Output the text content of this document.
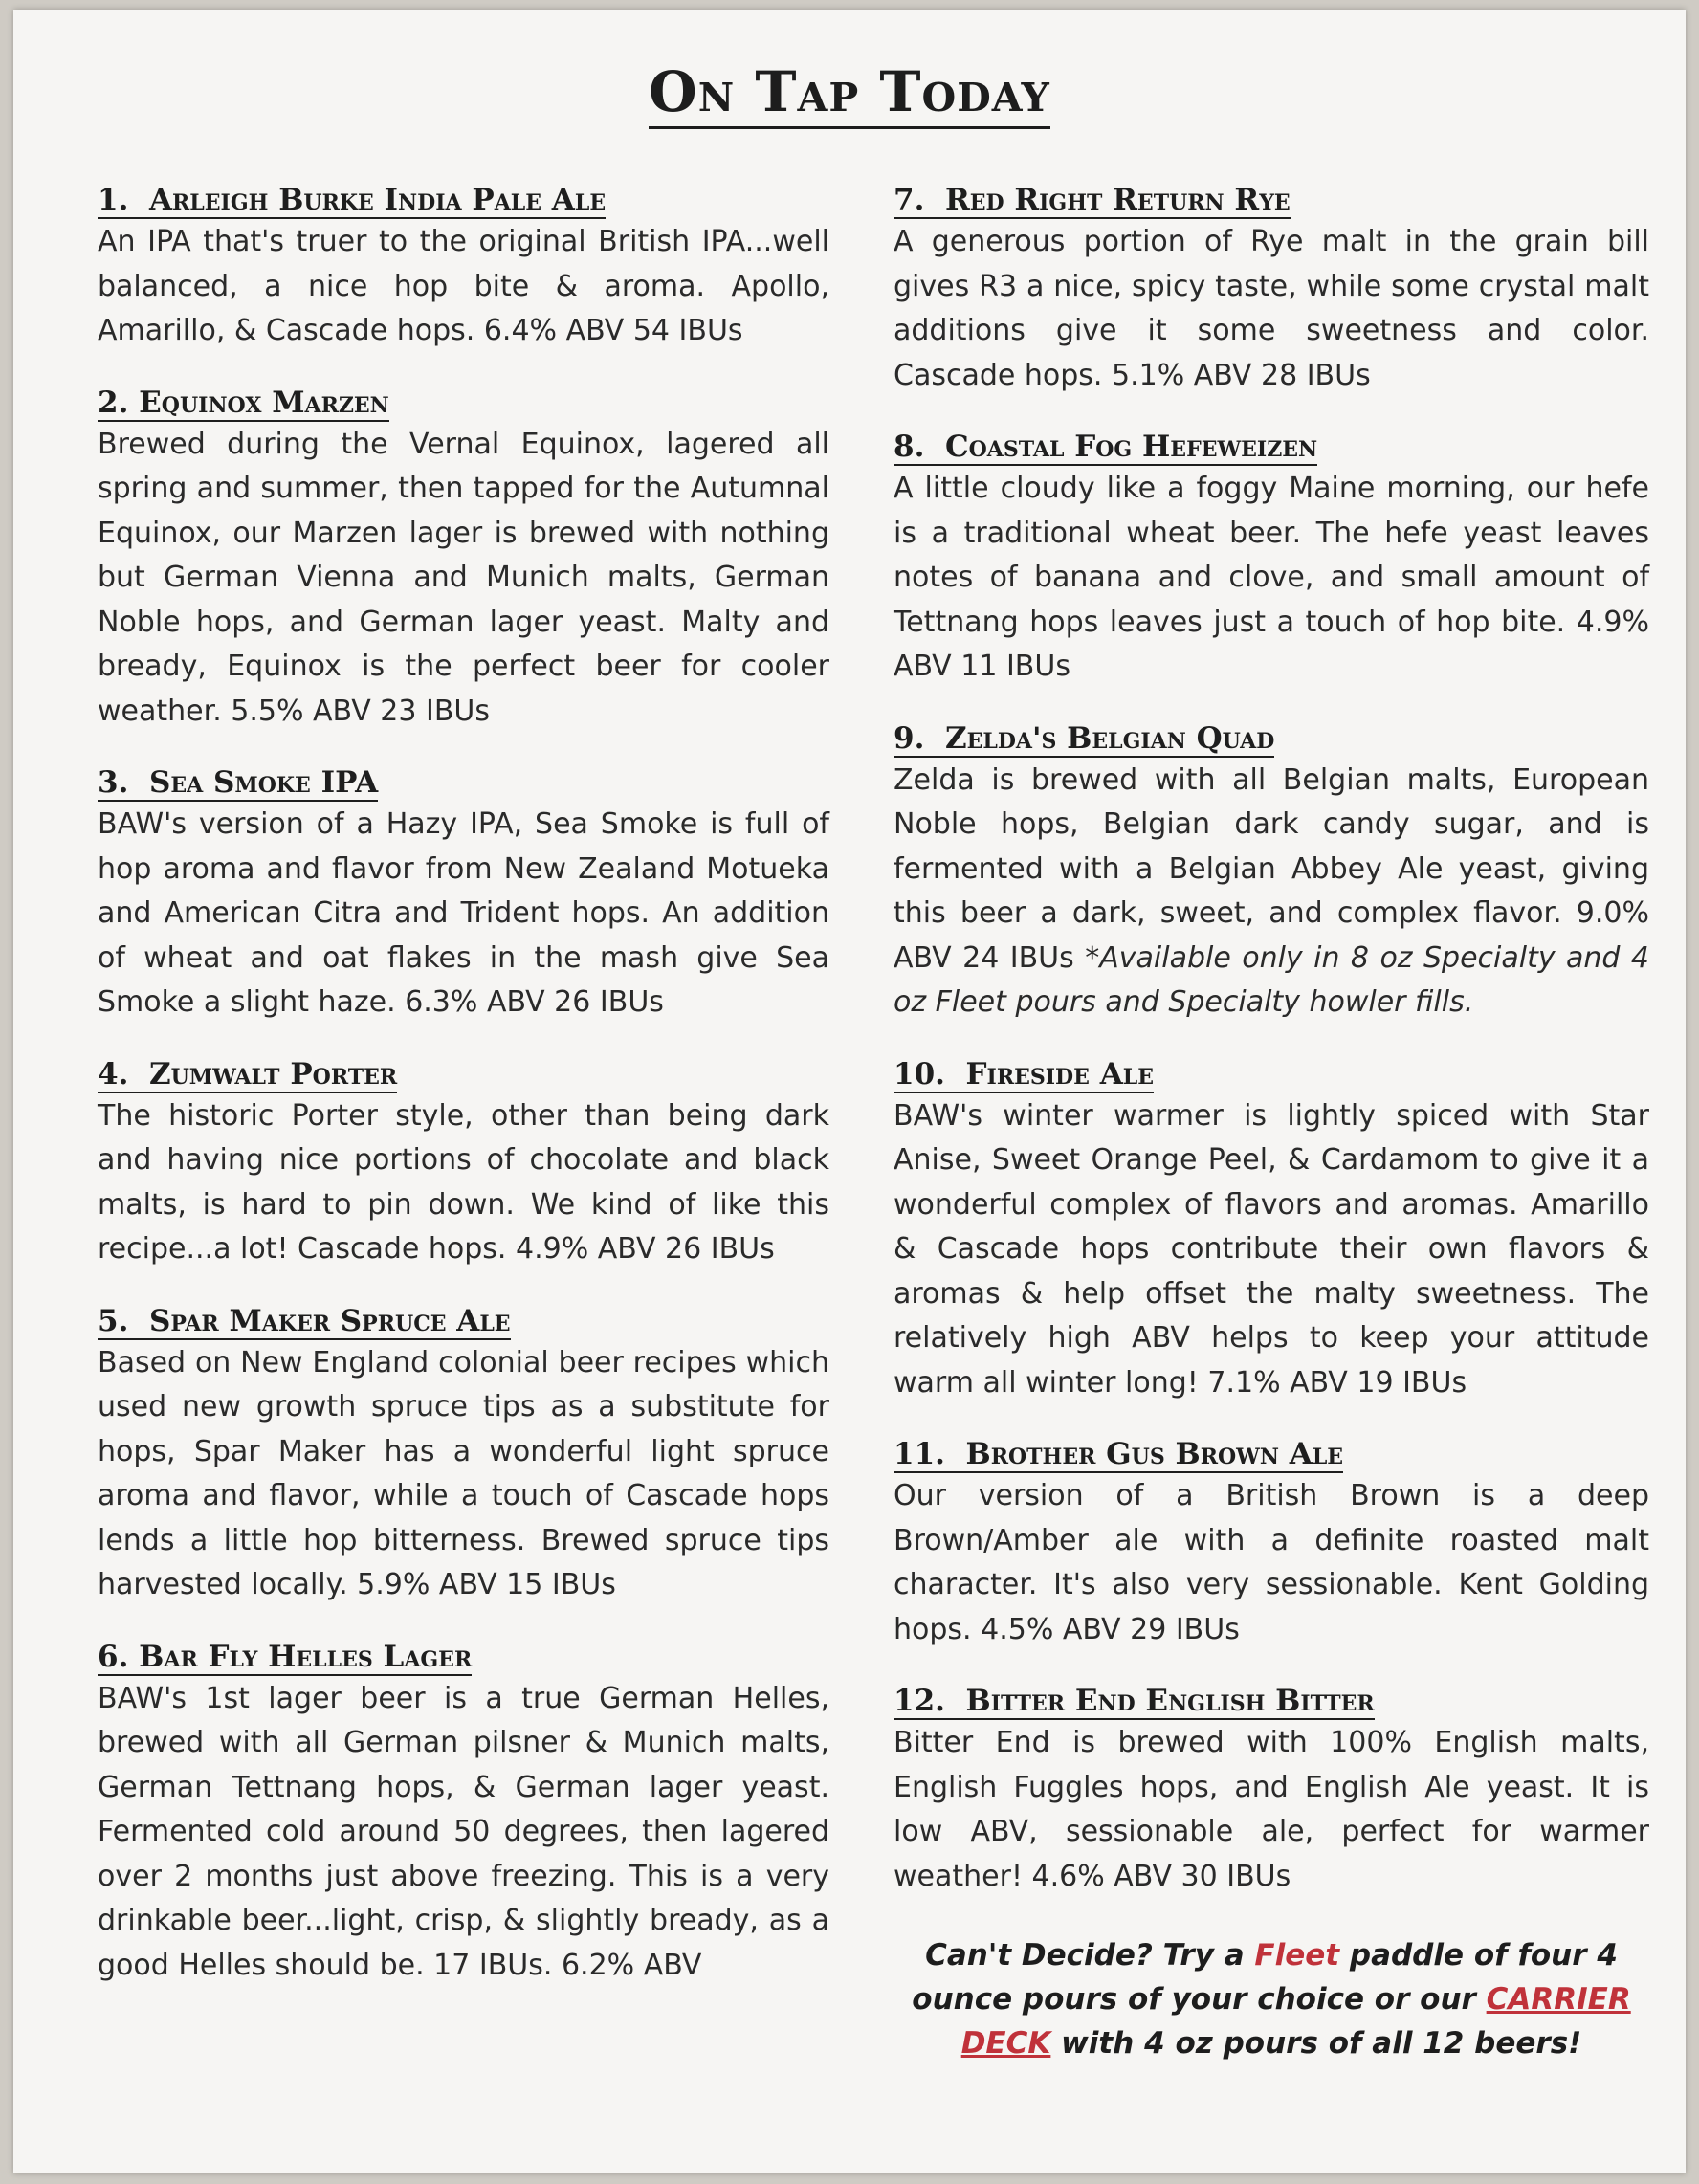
On Tap Today
1. Arleigh Burke India Pale Ale
An IPA that's truer to the original British IPA...well balanced, a nice hop bite & aroma. Apollo, Amarillo, & Cascade hops. 6.4% ABV 54 IBUs
2. Equinox Marzen
Brewed during the Vernal Equinox, lagered all spring and summer, then tapped for the Autumnal Equinox, our Marzen lager is brewed with nothing but German Vienna and Munich malts, German Noble hops, and German lager yeast. Malty and bready, Equinox is the perfect beer for cooler weather. 5.5% ABV 23 IBUs
3. Sea Smoke IPA
BAW's version of a Hazy IPA, Sea Smoke is full of hop aroma and flavor from New Zealand Motueka and American Citra and Trident hops. An addition of wheat and oat flakes in the mash give Sea Smoke a slight haze. 6.3% ABV 26 IBUs
4. Zumwalt Porter
The historic Porter style, other than being dark and having nice portions of chocolate and black malts, is hard to pin down. We kind of like this recipe...a lot! Cascade hops. 4.9% ABV 26 IBUs
5. Spar Maker Spruce Ale
Based on New England colonial beer recipes which used new growth spruce tips as a substitute for hops, Spar Maker has a wonderful light spruce aroma and flavor, while a touch of Cascade hops lends a little hop bitterness. Brewed spruce tips harvested locally. 5.9% ABV 15 IBUs
6. Bar Fly Helles Lager
BAW's 1st lager beer is a true German Helles, brewed with all German pilsner & Munich malts, German Tettnang hops, & German lager yeast. Fermented cold around 50 degrees, then lagered over 2 months just above freezing. This is a very drinkable beer...light, crisp, & slightly bready, as a good Helles should be. 17 IBUs. 6.2% ABV
7. Red Right Return Rye
A generous portion of Rye malt in the grain bill gives R3 a nice, spicy taste, while some crystal malt additions give it some sweetness and color. Cascade hops. 5.1% ABV 28 IBUs
8. Coastal Fog Hefeweizen
A little cloudy like a foggy Maine morning, our hefe is a traditional wheat beer. The hefe yeast leaves notes of banana and clove, and small amount of Tettnang hops leaves just a touch of hop bite. 4.9% ABV 11 IBUs
9. Zelda's Belgian Quad
Zelda is brewed with all Belgian malts, European Noble hops, Belgian dark candy sugar, and is fermented with a Belgian Abbey Ale yeast, giving this beer a dark, sweet, and complex flavor. 9.0% ABV 24 IBUs *Available only in 8 oz Specialty and 4 oz Fleet pours and Specialty howler fills.
10. Fireside Ale
BAW's winter warmer is lightly spiced with Star Anise, Sweet Orange Peel, & Cardamom to give it a wonderful complex of flavors and aromas. Amarillo & Cascade hops contribute their own flavors & aromas & help offset the malty sweetness. The relatively high ABV helps to keep your attitude warm all winter long! 7.1% ABV 19 IBUs
11. Brother Gus Brown Ale
Our version of a British Brown is a deep Brown/Amber ale with a definite roasted malt character. It's also very sessionable. Kent Golding hops. 4.5% ABV 29 IBUs
12. Bitter End English Bitter
Bitter End is brewed with 100% English malts, English Fuggles hops, and English Ale yeast. It is low ABV, sessionable ale, perfect for warmer weather! 4.6% ABV 30 IBUs
Can't Decide? Try a Fleet paddle of four 4 ounce pours of your choice or our CARRIER DECK with 4 oz pours of all 12 beers!
